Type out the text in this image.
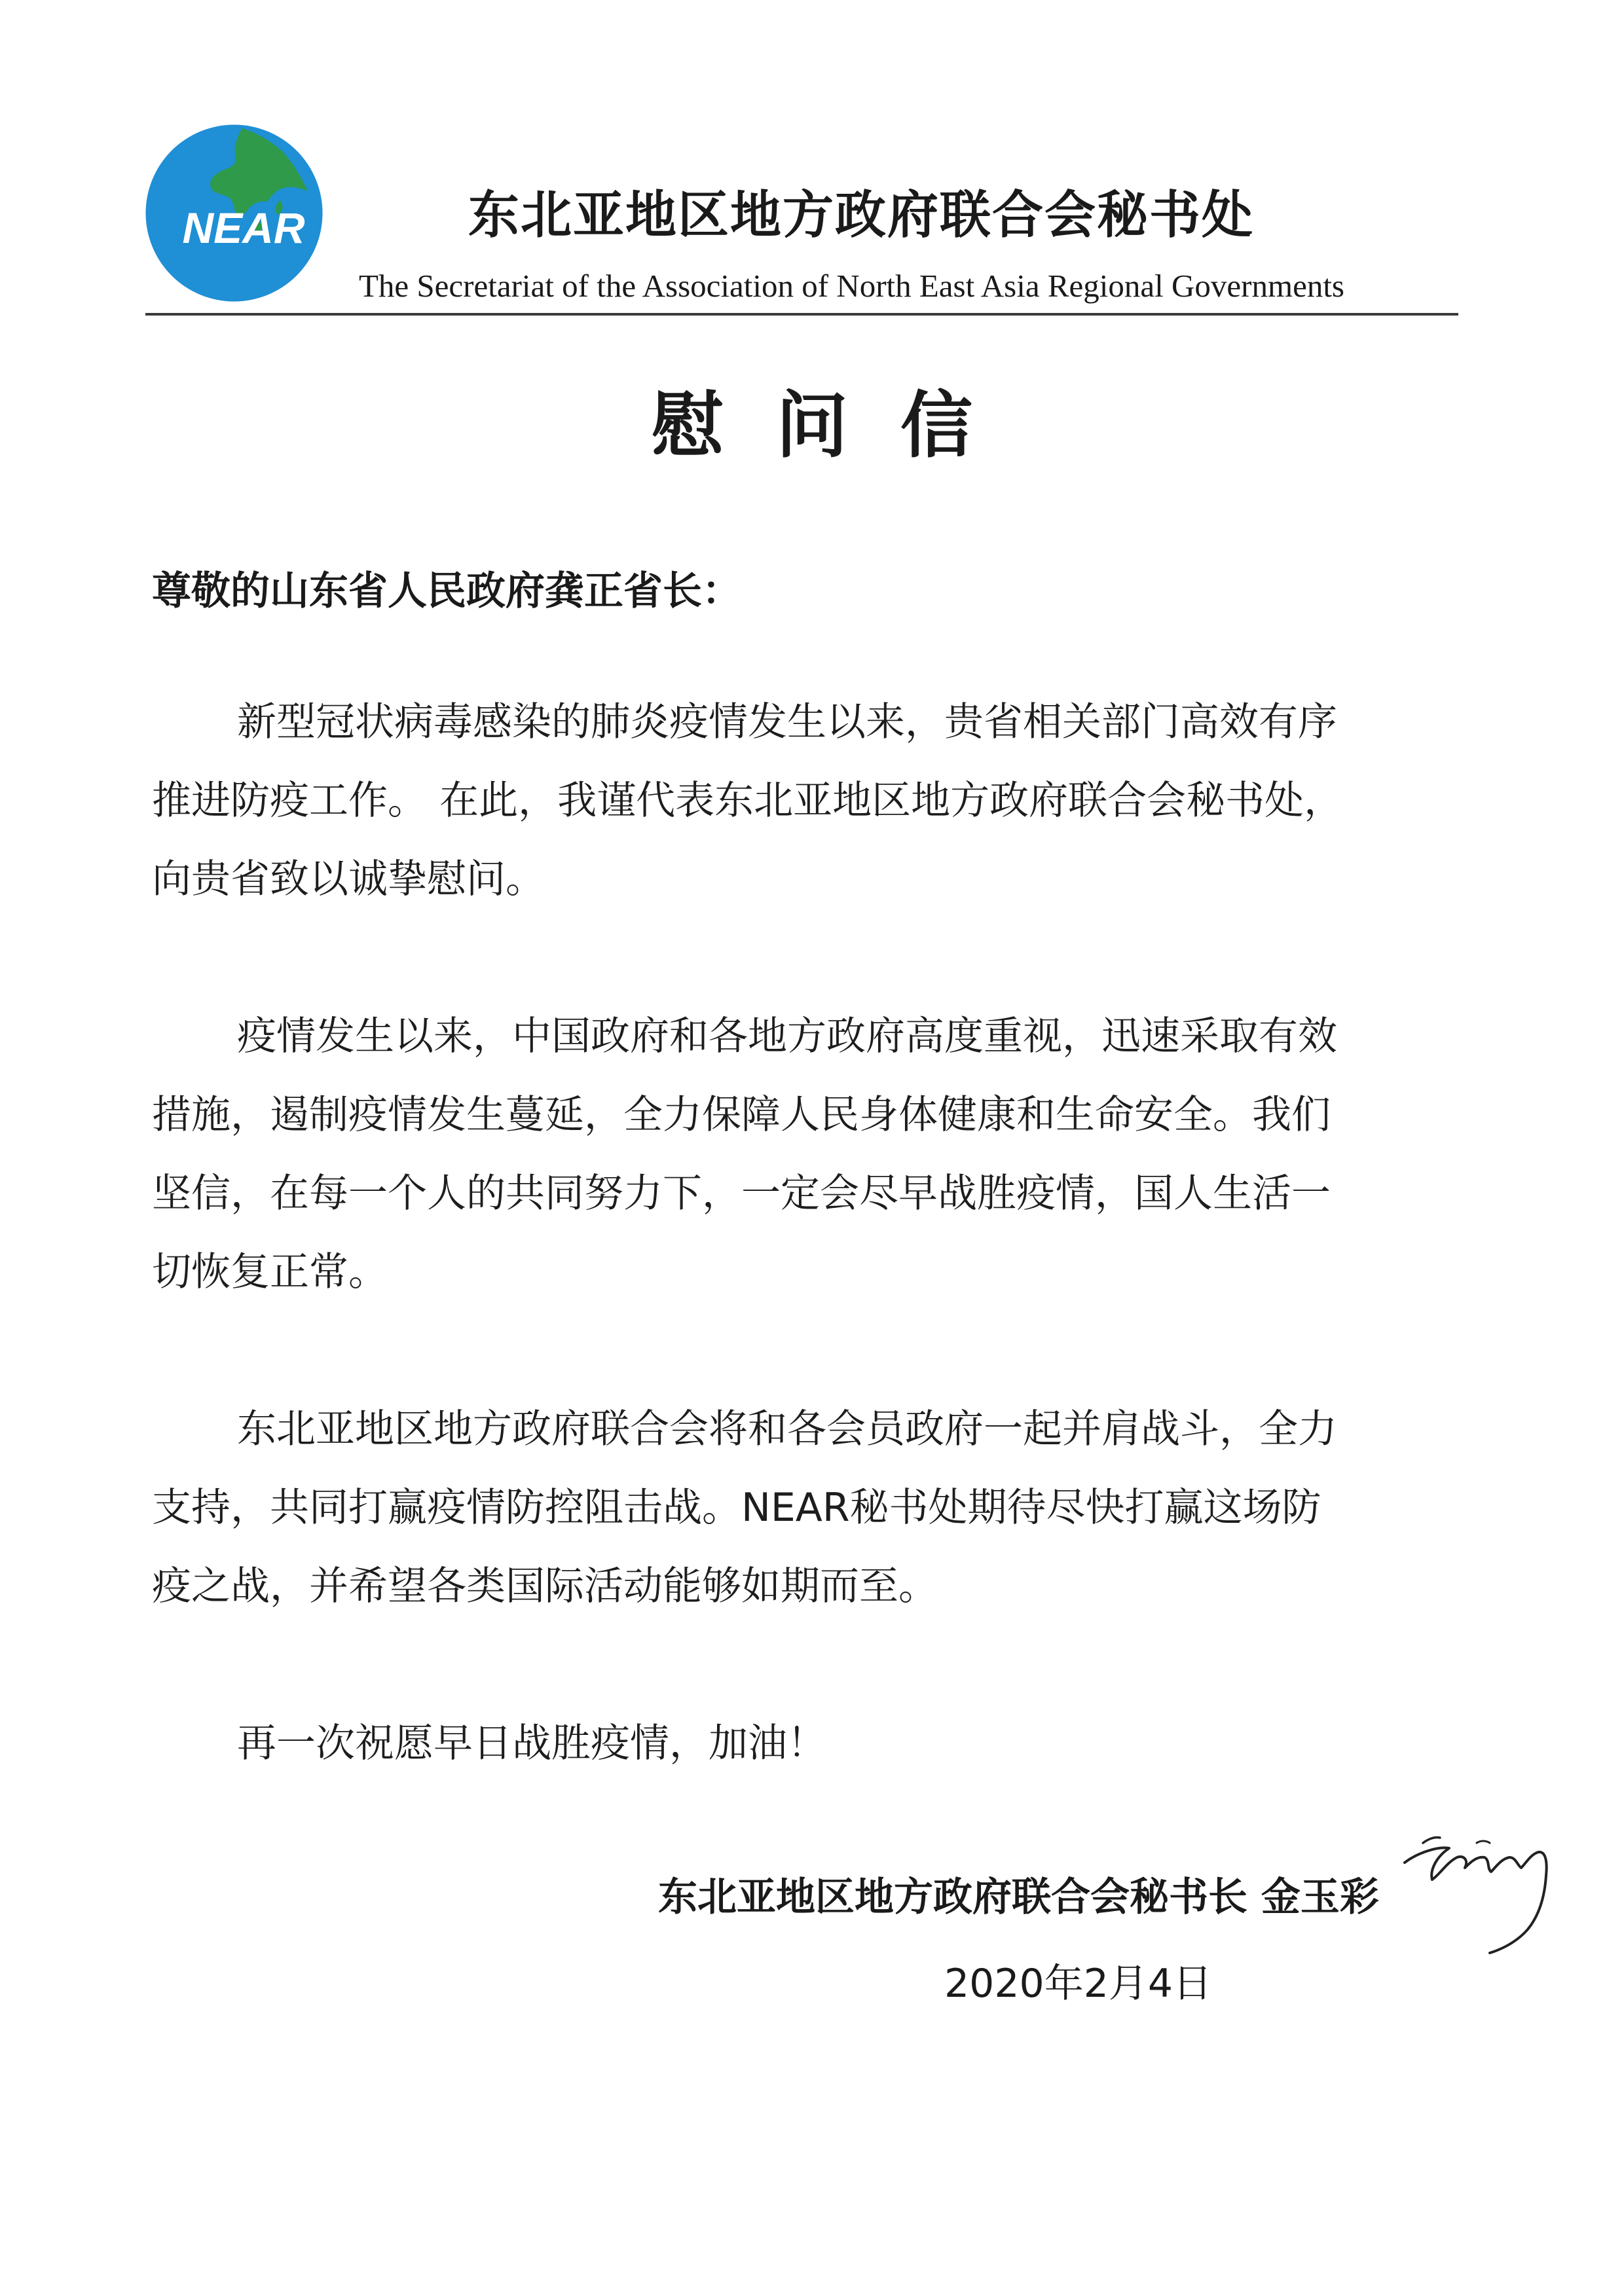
NEAR	东北亚地区地方政府联合会秘书处
The Secretariat of the Association of North East Asia Regional Governments
慰问信
尊敬的山东省人民政府龚正省长：
新型冠状病毒感染的肺炎疫情发生以来，贵省相关部门高效有序
推进防疫工作。 在此，我谨代表东北亚地区地方政府联合会秘书处，
向贵省致以诚挚慰问。
疫情发生以来，中国政府和各地方政府高度重视，迅速采取有效
措施，遏制疫情发生蔓延，全力保障人民身体健康和生命安全。我们
坚信，在每一个人的共同努力下，一定会尽早战胜疫情，国人生活一
切恢复正常。
东北亚地区地方政府联合会将和各会员政府一起并肩战斗，全力
支持，共同打赢疫情防控阻击战。NEAR秘书处期待尽快打赢这场防
疫之战，并希望各类国际活动能够如期而至。
再一次祝愿早日战胜疫情，加油！
东北亚地区地方政府联合会秘书长 金玉彩
2020年2月4日
